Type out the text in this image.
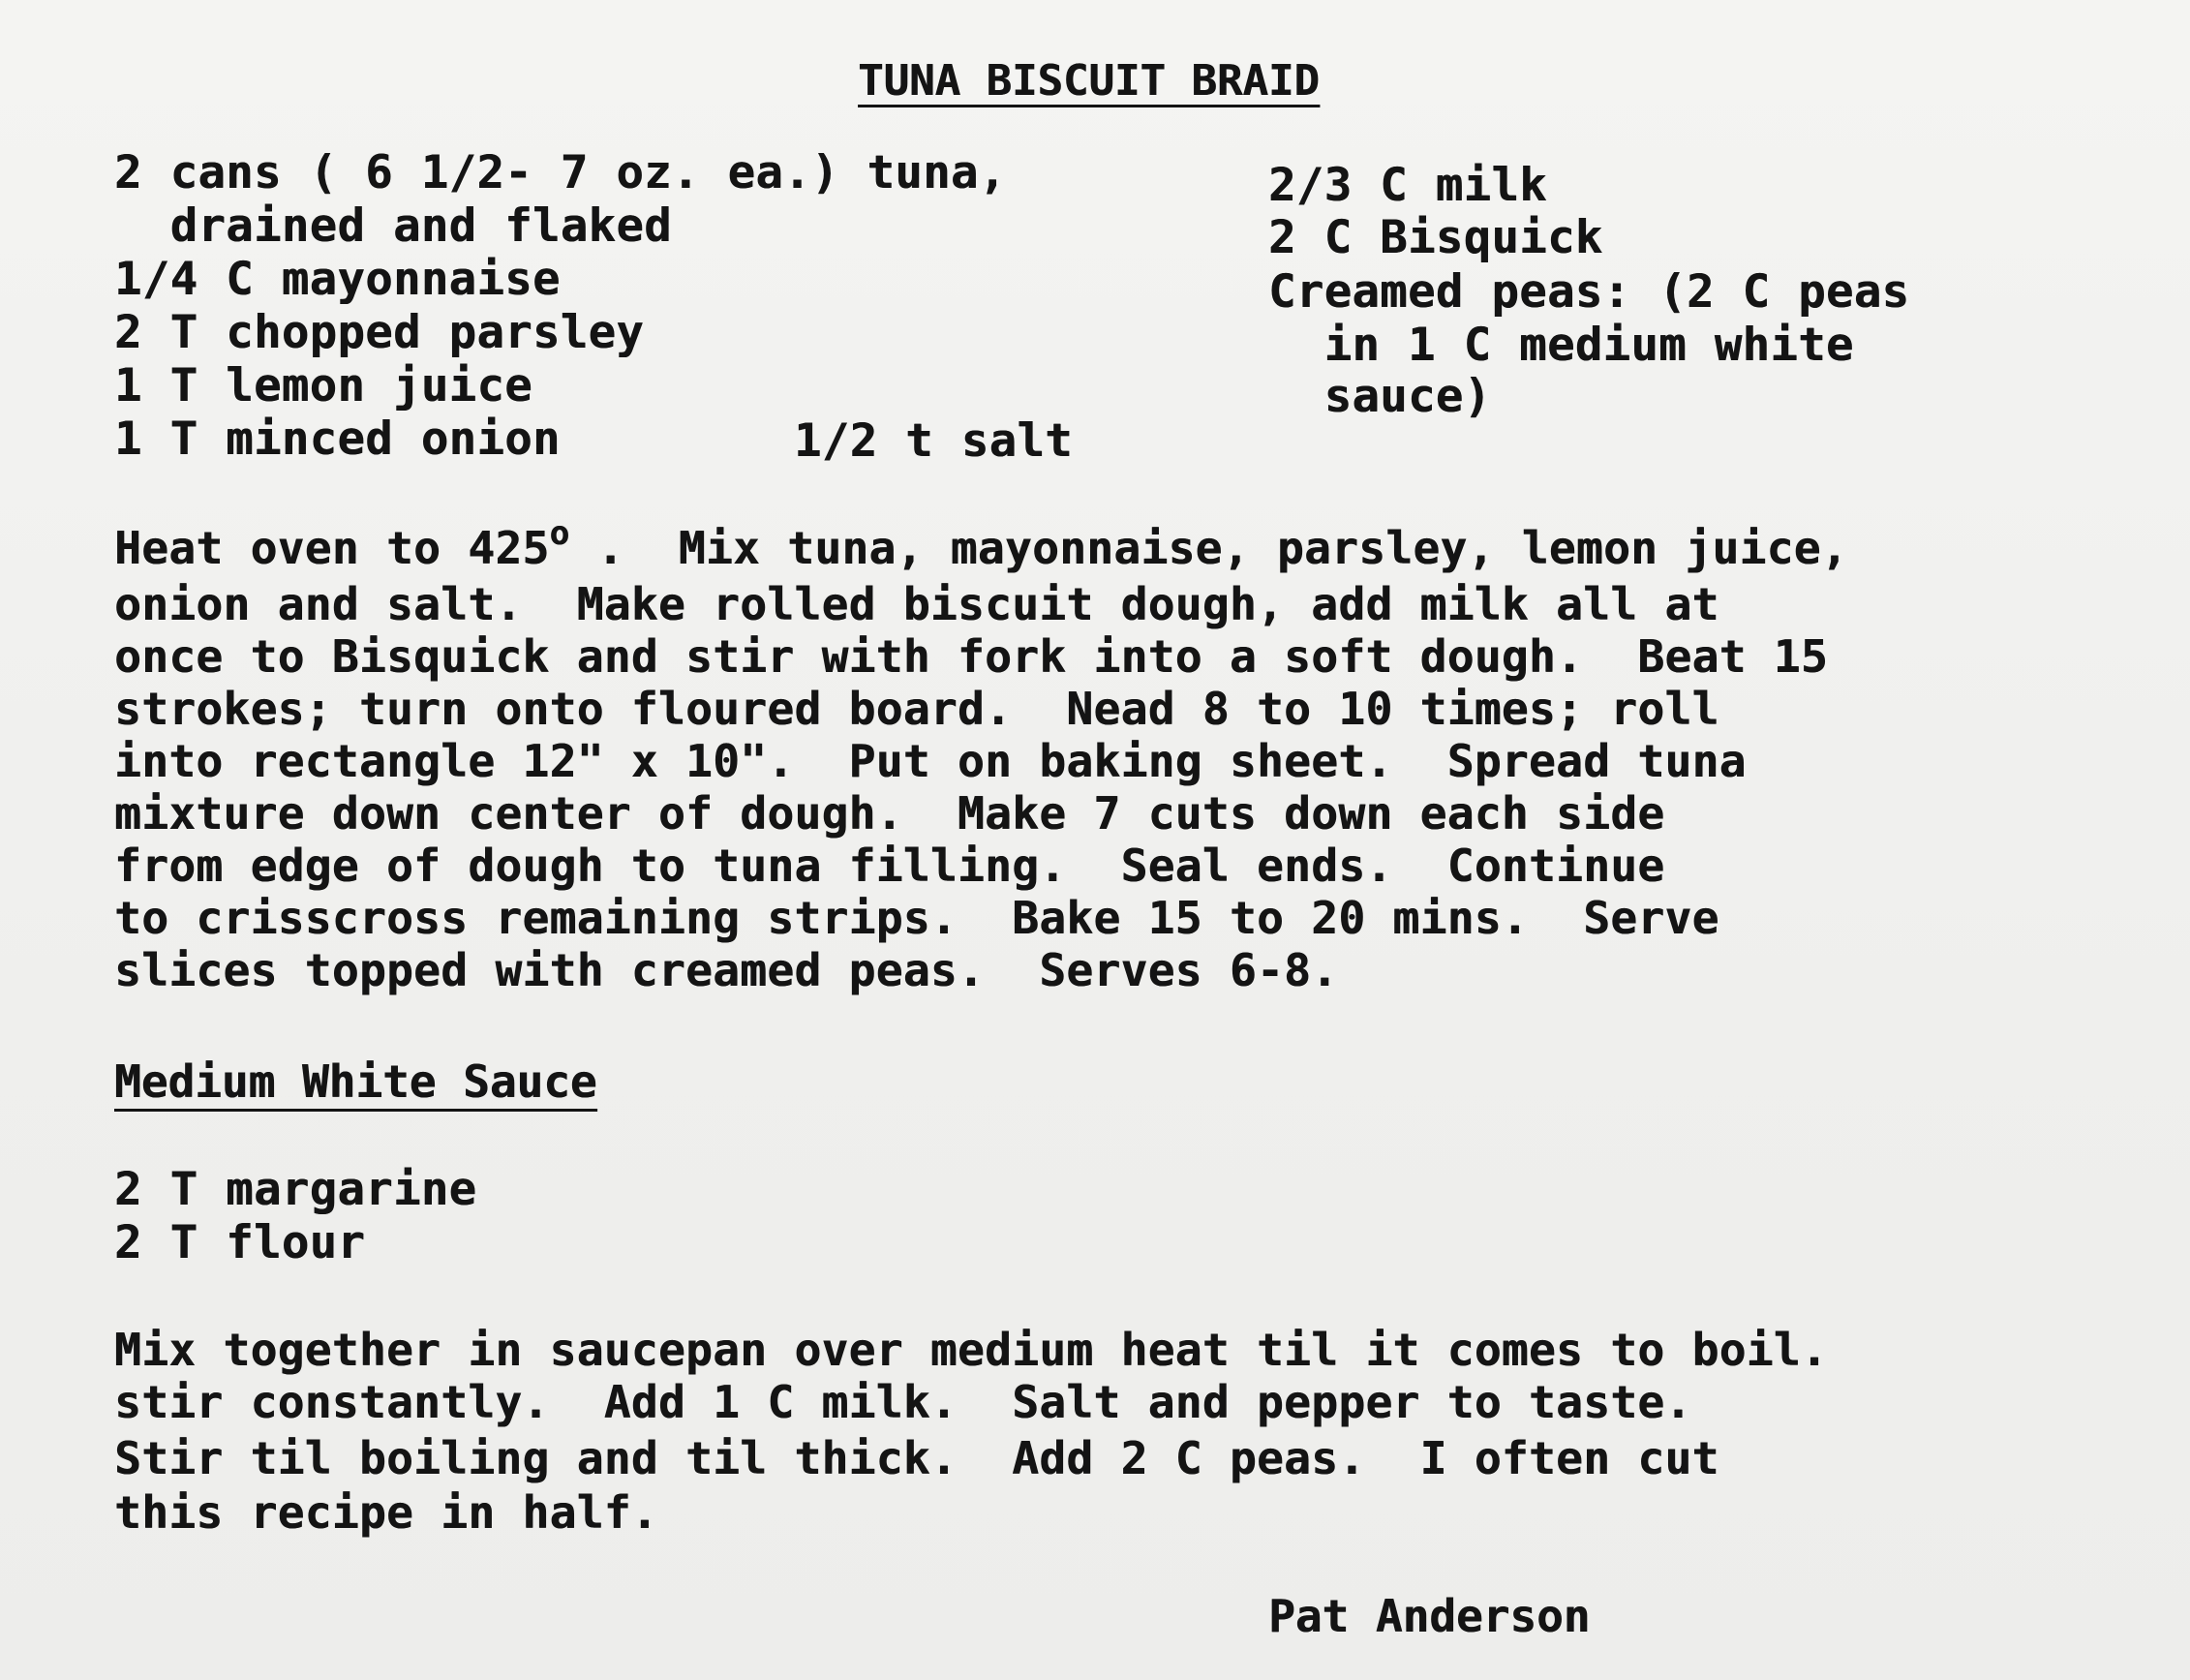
TUNA BISCUIT BRAID
2 cans ( 6 1/2- 7 oz. ea.) tuna,
drained and flaked
1/4 C mayonnaise
2 T chopped parsley
1 T lemon juice
1 T minced onion	1/2 t salt
2/3 C milk
2 C Bisquick
Creamed peas: (2 C peas
in 1 C medium white
sauce)
Heat oven to 425$^o$ .  Mix tuna, mayonnaise, parsley, lemon juice,
onion and salt.  Make rolled biscuit dough, add milk all at
once to Bisquick and stir with fork into a soft dough.  Beat 15
strokes; turn onto floured board.  Nead 8 to 10 times; roll
into rectangle 12" x 10".  Put on baking sheet.  Spread tuna
mixture down center of dough.  Make 7 cuts down each side
from edge of dough to tuna filling.  Seal ends.  Continue
to crisscross remaining strips.  Bake 15 to 20 mins.  Serve
slices topped with creamed peas.  Serves 6-8.
Medium White Sauce
2 T margarine
2 T flour
Mix together in saucepan over medium heat til it comes to boil.
stir constantly.  Add 1 C milk.  Salt and pepper to taste.
Stir til boiling and til thick.  Add 2 C peas.  I often cut
this recipe in half.
Pat Anderson
